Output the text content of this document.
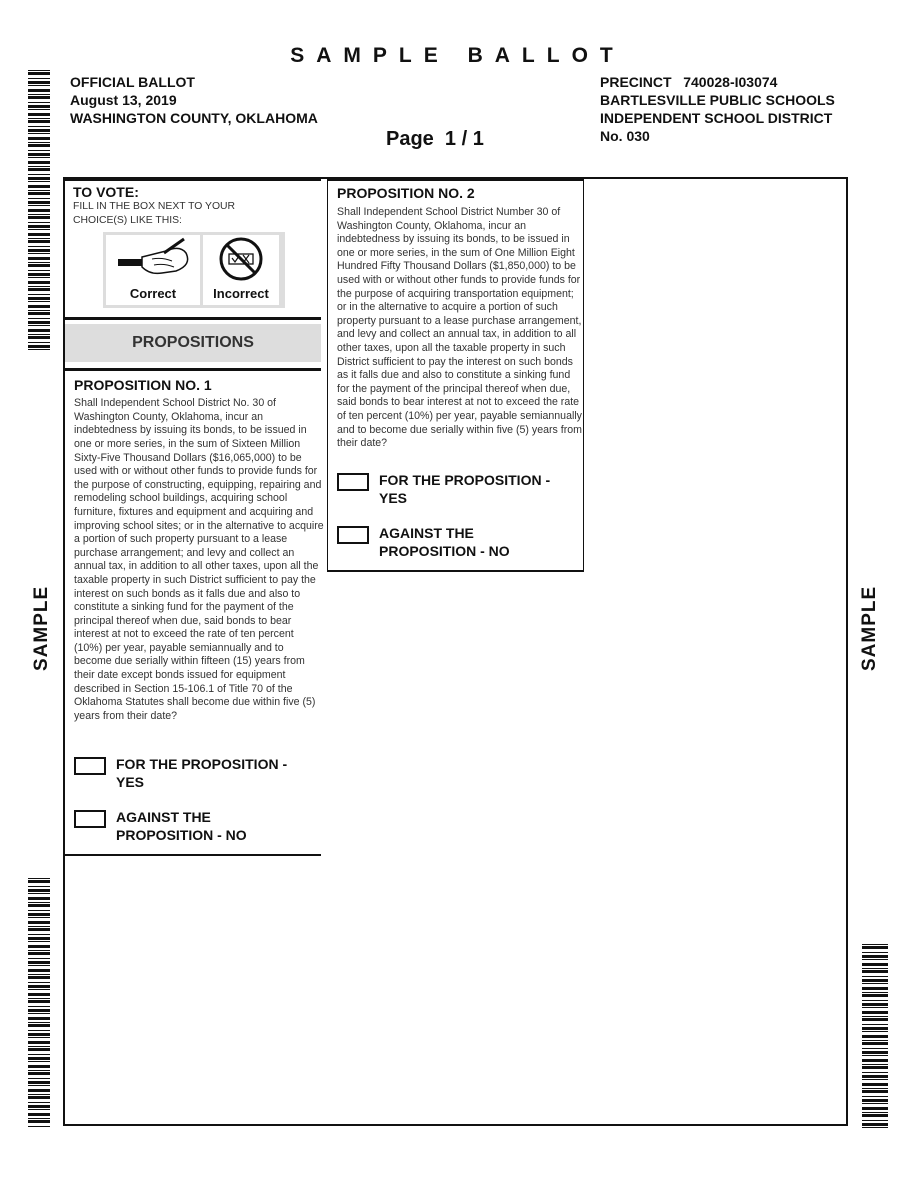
SAMPLE BALLOT
OFFICIAL BALLOT
August 13, 2019
WASHINGTON COUNTY, OKLAHOMA
PRECINCT   740028-I03074
BARTLESVILLE PUBLIC SCHOOLS
INDEPENDENT SCHOOL DISTRICT
No. 030
Page  1 / 1
SAMPLE	SAMPLE
TO VOTE:
FILL IN THE BOX NEXT TO YOUR CHOICE(S) LIKE THIS:
Correct	Incorrect
PROPOSITIONS
PROPOSITION NO. 1
Shall Independent School District No. 30 of Washington County, Oklahoma, incur an indebtedness by issuing its bonds, to be issued in one or more series, in the sum of Sixteen Million Sixty-Five Thousand Dollars ($16,065,000) to be used with or without other funds to provide funds for the purpose of constructing, equipping, repairing and remodeling school buildings, acquiring school furniture, fixtures and equipment and acquiring and improving school sites; or in the alternative to acquire a portion of such property pursuant to a lease purchase arrangement; and levy and collect an annual tax, in addition to all other taxes, upon all the taxable property in such District sufficient to pay the interest on such bonds as it falls due and also to constitute a sinking fund for the payment of the principal thereof when due, said bonds to bear interest at not to exceed the rate of ten percent (10%) per year, payable semiannually and to become due serially within fifteen (15) years from their date except bonds issued for equipment described in Section 15-106.1 of Title 70 of the Oklahoma Statutes shall become due within five (5) years from their date?
FOR THE PROPOSITION - YES
AGAINST THE PROPOSITION - NO
PROPOSITION NO. 2
Shall Independent School District Number 30 of Washington County, Oklahoma, incur an indebtedness by issuing its bonds, to be issued in one or more series, in the sum of One Million Eight Hundred Fifty Thousand Dollars ($1,850,000) to be used with or without other funds to provide funds for the purpose of acquiring transportation equipment; or in the alternative to acquire a portion of such property pursuant to a lease purchase arrangement, and levy and collect an annual tax, in addition to all other taxes, upon all the taxable property in such District sufficient to pay the interest on such bonds as it falls due and also to constitute a sinking fund for the payment of the principal thereof when due, said bonds to bear interest at not to exceed the rate of ten percent (10%) per year, payable semiannually and to become due serially within five (5) years from their date?
FOR THE PROPOSITION - YES
AGAINST THE PROPOSITION - NO
